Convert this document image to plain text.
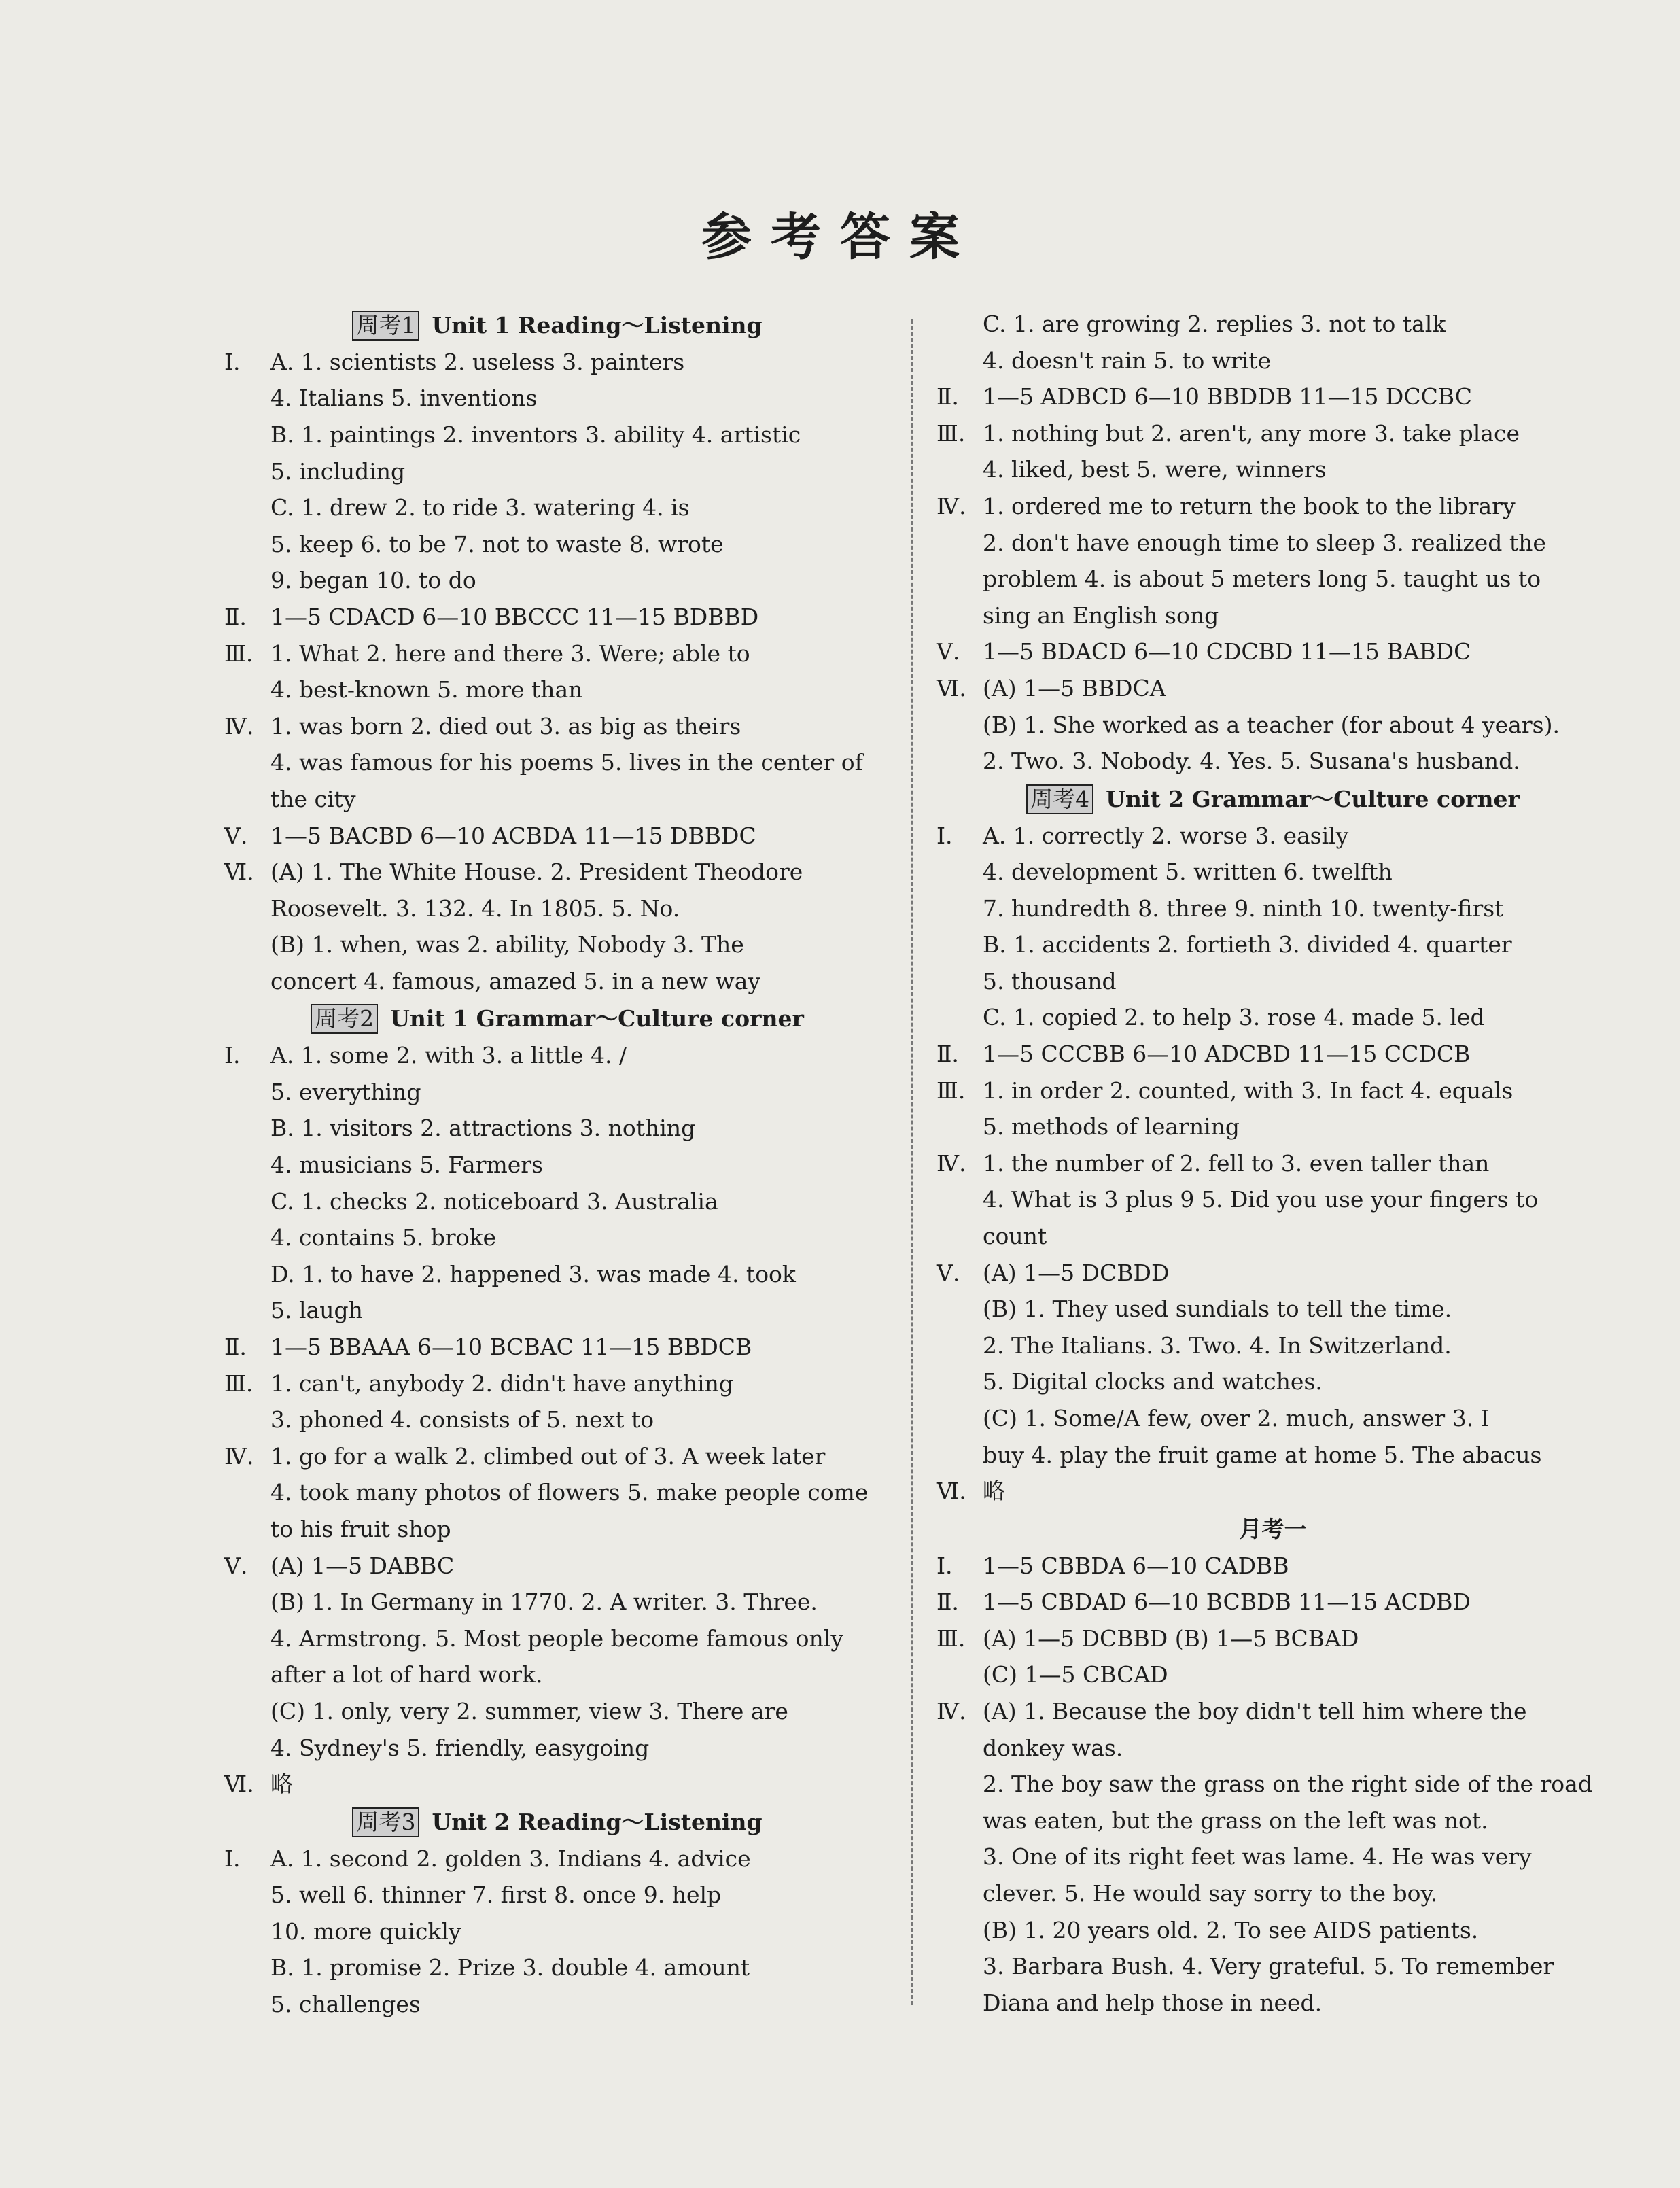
参考答案
周考1 Unit 1 Reading～Listening
Ⅰ.	A. 1. scientists 2. useless 3. painters
4. Italians 5. inventions
B. 1. paintings 2. inventors 3. ability 4. artistic
5. including
C. 1. drew 2. to ride 3. watering 4. is
5. keep 6. to be 7. not to waste 8. wrote
9. began 10. to do
Ⅱ.	1—5 CDACD 6—10 BBCCC 11—15 BDBBD
Ⅲ. 1. What 2. here and there 3. Were; able to
4. best-known 5. more than
Ⅳ. 1. was born 2. died out 3. as big as theirs
4. was famous for his poems 5. lives in the center of
the city
Ⅴ.	1—5 BACBD 6—10 ACBDA 11—15 DBBDC
Ⅵ. (A) 1. The White House. 2. President Theodore
Roosevelt. 3. 132. 4. In 1805. 5. No.
(B) 1. when, was 2. ability, Nobody 3. The
concert 4. famous, amazed 5. in a new way
周考2 Unit 1 Grammar～Culture corner
Ⅰ.	A. 1. some 2. with 3. a little 4. /
5. everything
B. 1. visitors 2. attractions 3. nothing
4. musicians 5. Farmers
C. 1. checks 2. noticeboard 3. Australia
4. contains 5. broke
D. 1. to have 2. happened 3. was made 4. took
5. laugh
Ⅱ.	1—5 BBAAA 6—10 BCBAC 11—15 BBDCB
Ⅲ. 1. can't, anybody 2. didn't have anything
3. phoned 4. consists of 5. next to
Ⅳ. 1. go for a walk 2. climbed out of 3. A week later
4. took many photos of flowers 5. make people come
to his fruit shop
Ⅴ.	(A) 1—5 DABBC
(B) 1. In Germany in 1770. 2. A writer. 3. Three.
4. Armstrong. 5. Most people become famous only
after a lot of hard work.
(C) 1. only, very 2. summer, view 3. There are
4. Sydney's 5. friendly, easygoing
Ⅵ. 略
周考3 Unit 2 Reading～Listening
Ⅰ.	A. 1. second 2. golden 3. Indians 4. advice
5. well 6. thinner 7. first 8. once 9. help
10. more quickly
B. 1. promise 2. Prize 3. double 4. amount
5. challenges
C. 1. are growing 2. replies 3. not to talk
4. doesn't rain 5. to write
Ⅱ.	1—5 ADBCD 6—10 BBDDB 11—15 DCCBC
Ⅲ. 1. nothing but 2. aren't, any more 3. take place
4. liked, best 5. were, winners
Ⅳ. 1. ordered me to return the book to the library
2. don't have enough time to sleep 3. realized the
problem 4. is about 5 meters long 5. taught us to
sing an English song
Ⅴ.	1—5 BDACD 6—10 CDCBD 11—15 BABDC
Ⅵ. (A) 1—5 BBDCA
(B) 1. She worked as a teacher (for about 4 years).
2. Two. 3. Nobody. 4. Yes. 5. Susana's husband.
周考4 Unit 2 Grammar～Culture corner
Ⅰ.	A. 1. correctly 2. worse 3. easily
4. development 5. written 6. twelfth
7. hundredth 8. three 9. ninth 10. twenty-first
B. 1. accidents 2. fortieth 3. divided 4. quarter
5. thousand
C. 1. copied 2. to help 3. rose 4. made 5. led
Ⅱ.	1—5 CCCBB 6—10 ADCBD 11—15 CCDCB
Ⅲ. 1. in order 2. counted, with 3. In fact 4. equals
5. methods of learning
Ⅳ. 1. the number of 2. fell to 3. even taller than
4. What is 3 plus 9 5. Did you use your fingers to
count
Ⅴ.	(A) 1—5 DCBDD
(B) 1. They used sundials to tell the time.
2. The Italians. 3. Two. 4. In Switzerland.
5. Digital clocks and watches.
(C) 1. Some/A few, over 2. much, answer 3. I
buy 4. play the fruit game at home 5. The abacus
Ⅵ. 略
月考一
Ⅰ.	1—5 CBBDA 6—10 CADBB
Ⅱ.	1—5 CBDAD 6—10 BCBDB 11—15 ACDBD
Ⅲ. (A) 1—5 DCBBD (B) 1—5 BCBAD
(C) 1—5 CBCAD
Ⅳ. (A) 1. Because the boy didn't tell him where the
donkey was.
2. The boy saw the grass on the right side of the road
was eaten, but the grass on the left was not.
3. One of its right feet was lame. 4. He was very
clever. 5. He would say sorry to the boy.
(B) 1. 20 years old. 2. To see AIDS patients.
3. Barbara Bush. 4. Very grateful. 5. To remember
Diana and help those in need.
